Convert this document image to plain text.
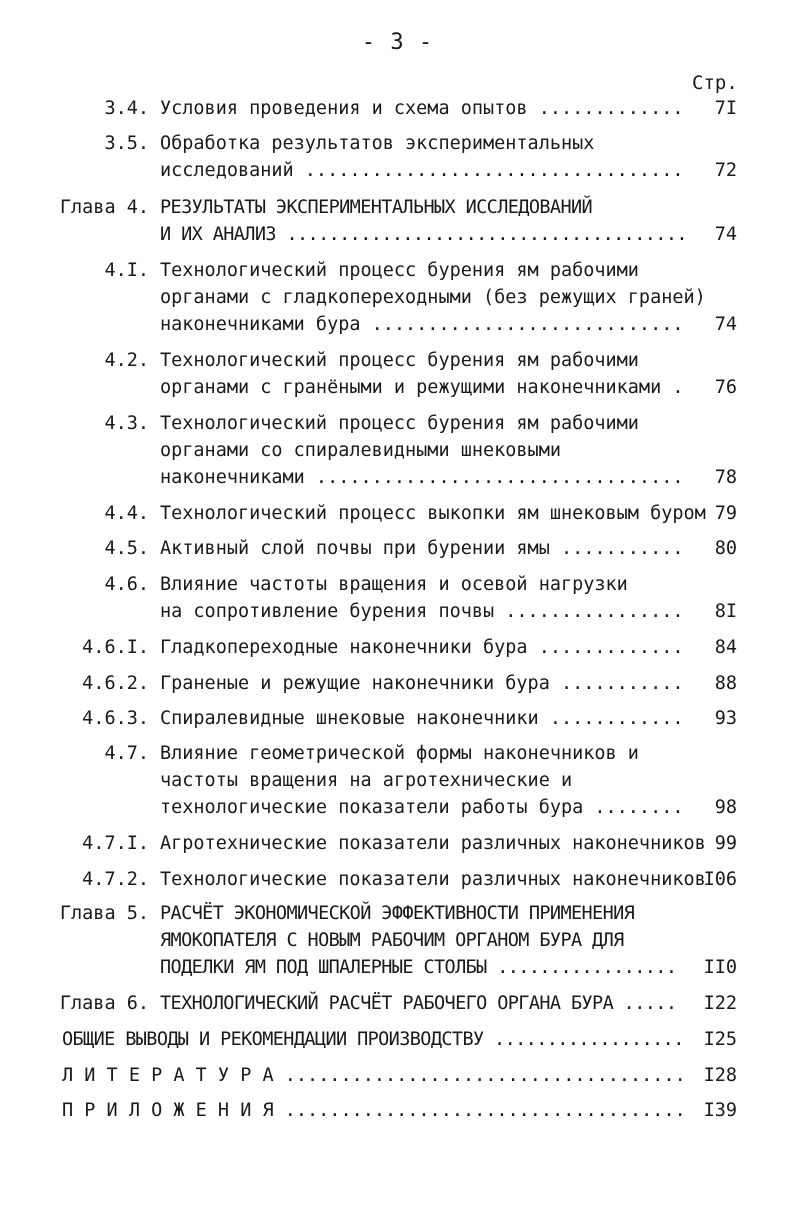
- 3 -
Стр.
3.4. Условия проведения и схема опытов ............. 7I
3.5. Обработка результатов экспериментальных
исследований .................................. 72
Глава 4. РЕЗУЛЬТАТЫ ЭКСПЕРИМЕНТАЛЬНЫХ ИССЛЕДОВАНИЙ
И ИХ АНАЛИЗ ...................................... 74
4.I. Технологический процесс бурения ям рабочими
органами с гладкопереходными (без режущих граней)
наконечниками бура ............................ 74
4.2. Технологический процесс бурения ям рабочими
органами с гранёными и режущими наконечниками . 76
4.3. Технологический процесс бурения ям рабочими
органами со спиралевидными шнековыми
наконечниками ................................. 78
4.4. Технологический процесс выкопки ям шнековым буром 79
4.5. Активный слой почвы при бурении ямы ........... 80
4.6. Влияние частоты вращения и осевой нагрузки
на сопротивление бурения почвы ................ 8I
4.6.I. Гладкопереходные наконечники бура ............. 84
4.6.2. Граненые и режущие наконечники бура ........... 88
4.6.3. Спиралевидные шнековые наконечники ............ 93
4.7. Влияние геометрической формы наконечников и
частоты вращения на агротехнические и
технологические показатели работы бура ........ 98
4.7.I. Агротехнические показатели различных наконечников 99
4.7.2. Технологические показатели различных наконечников
I06
Глава 5. РАСЧЁТ ЭКОНОМИЧЕСКОЙ ЭФФЕКТИВНОСТИ ПРИМЕНЕНИЯ
ЯМОКОПАТЕЛЯ С НОВЫМ РАБОЧИМ ОРГАНОМ БУРА ДЛЯ
ПОДЕЛКИ ЯМ ПОД ШПАЛЕРНЫЕ СТОЛБЫ ................. II0
Глава 6. ТЕХНОЛОГИЧЕСКИЙ РАСЧЁТ РАБОЧЕГО ОРГАНА БУРА ..... I22
ОБЩИЕ ВЫВОДЫ И РЕКОМЕНДАЦИИ ПРОИЗВОДСТВУ .................. I25
Л И Т Е Р А Т У Р А .................................... I28
П Р И Л О Ж Е Н И Я .................................... I39
